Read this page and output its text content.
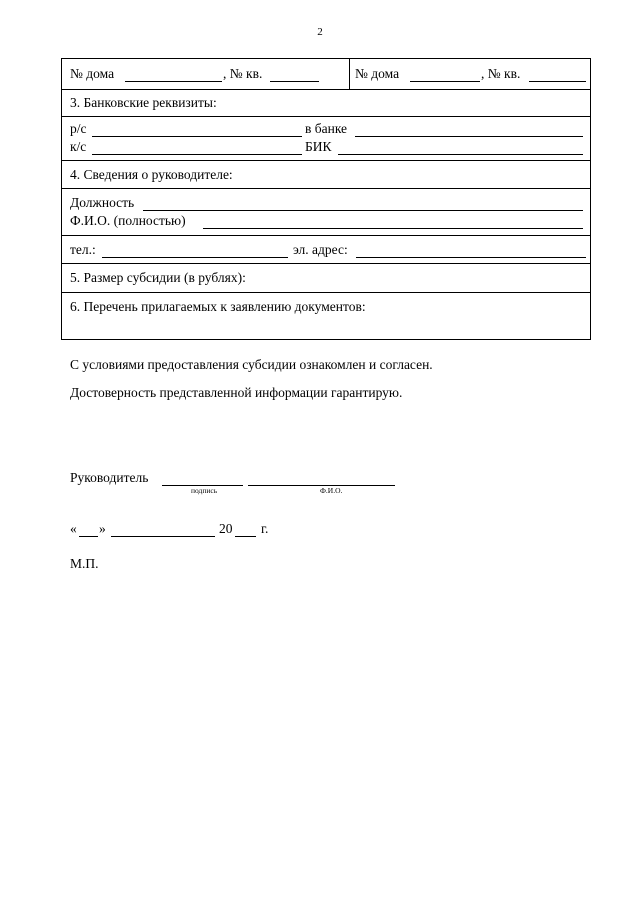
2
№ дома	, № кв.	№ дома	, № кв.
3. Банковские реквизиты:
р/с	в банке
к/с	БИК
4. Сведения о руководителе:
Должность
Ф.И.О. (полностью)
тел.:	эл. адрес:
5. Размер субсидии (в рублях):
6. Перечень прилагаемых к заявлению документов:
С условиями предоставления субсидии ознакомлен и согласен.
Достоверность представленной информации гарантирую.
Руководитель
подпись	Ф.И.О.
« »	20 г.
М.П.
